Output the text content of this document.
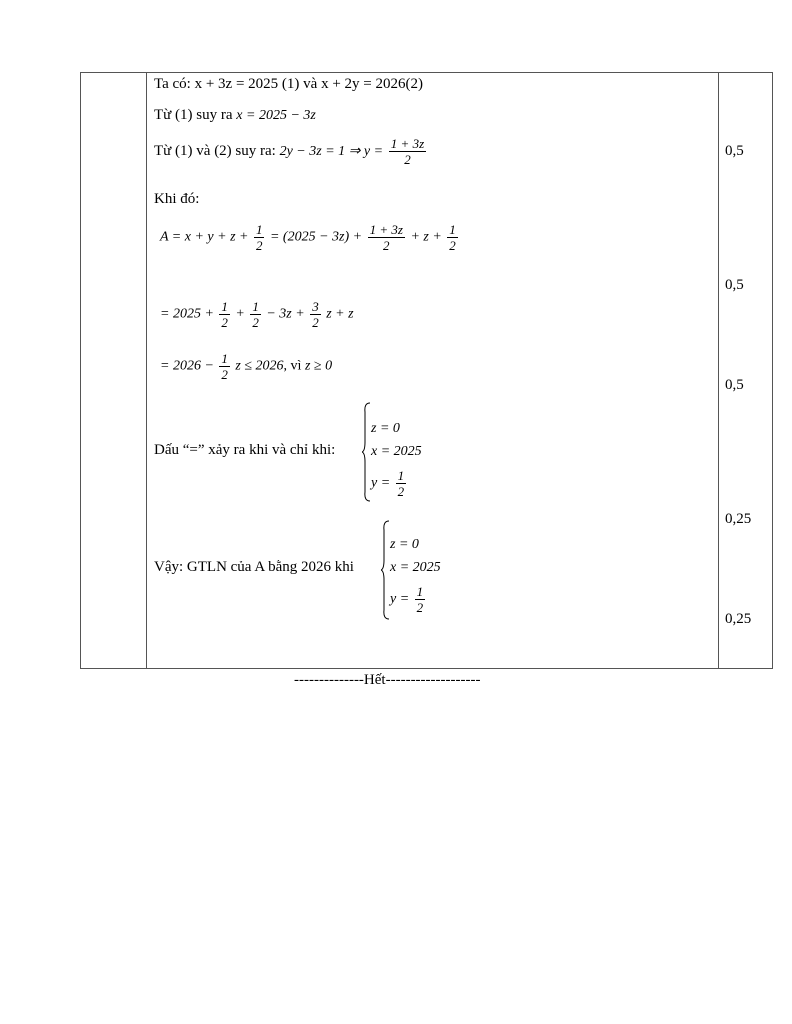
Ta có: x + 3z = 2025 (1) và x + 2y = 2026(2)
Từ (1) suy ra x = 2025 − 3z
Từ (1) và (2) suy ra: 2y − 3z = 1 ⇒ $y = \frac{1 + 3z}{2}$
Khi đó:
$A = x + y + z + \frac{1}{2} = (2025 - 3z) + \frac{1 + 3z}{2} + z + \frac{1}{2}$
= $2025 + \frac{1}{2} + \frac{1}{2} - 3z + \frac{3}{2}$ z + z
= $2026 - \frac{1}{2}$ z ≤ 2026, vì z ≥ 0
Dấu “=” xảy ra khi và chỉ khi:
z = 0
x = 2025
$y = \frac{1}{2}$
Vậy: GTLN của A bằng 2026 khi
z = 0
x = 2025
$y = \frac{1}{2}$
0,5
0,5
0,5
0,25
0,25
--------------Hết-------------------
